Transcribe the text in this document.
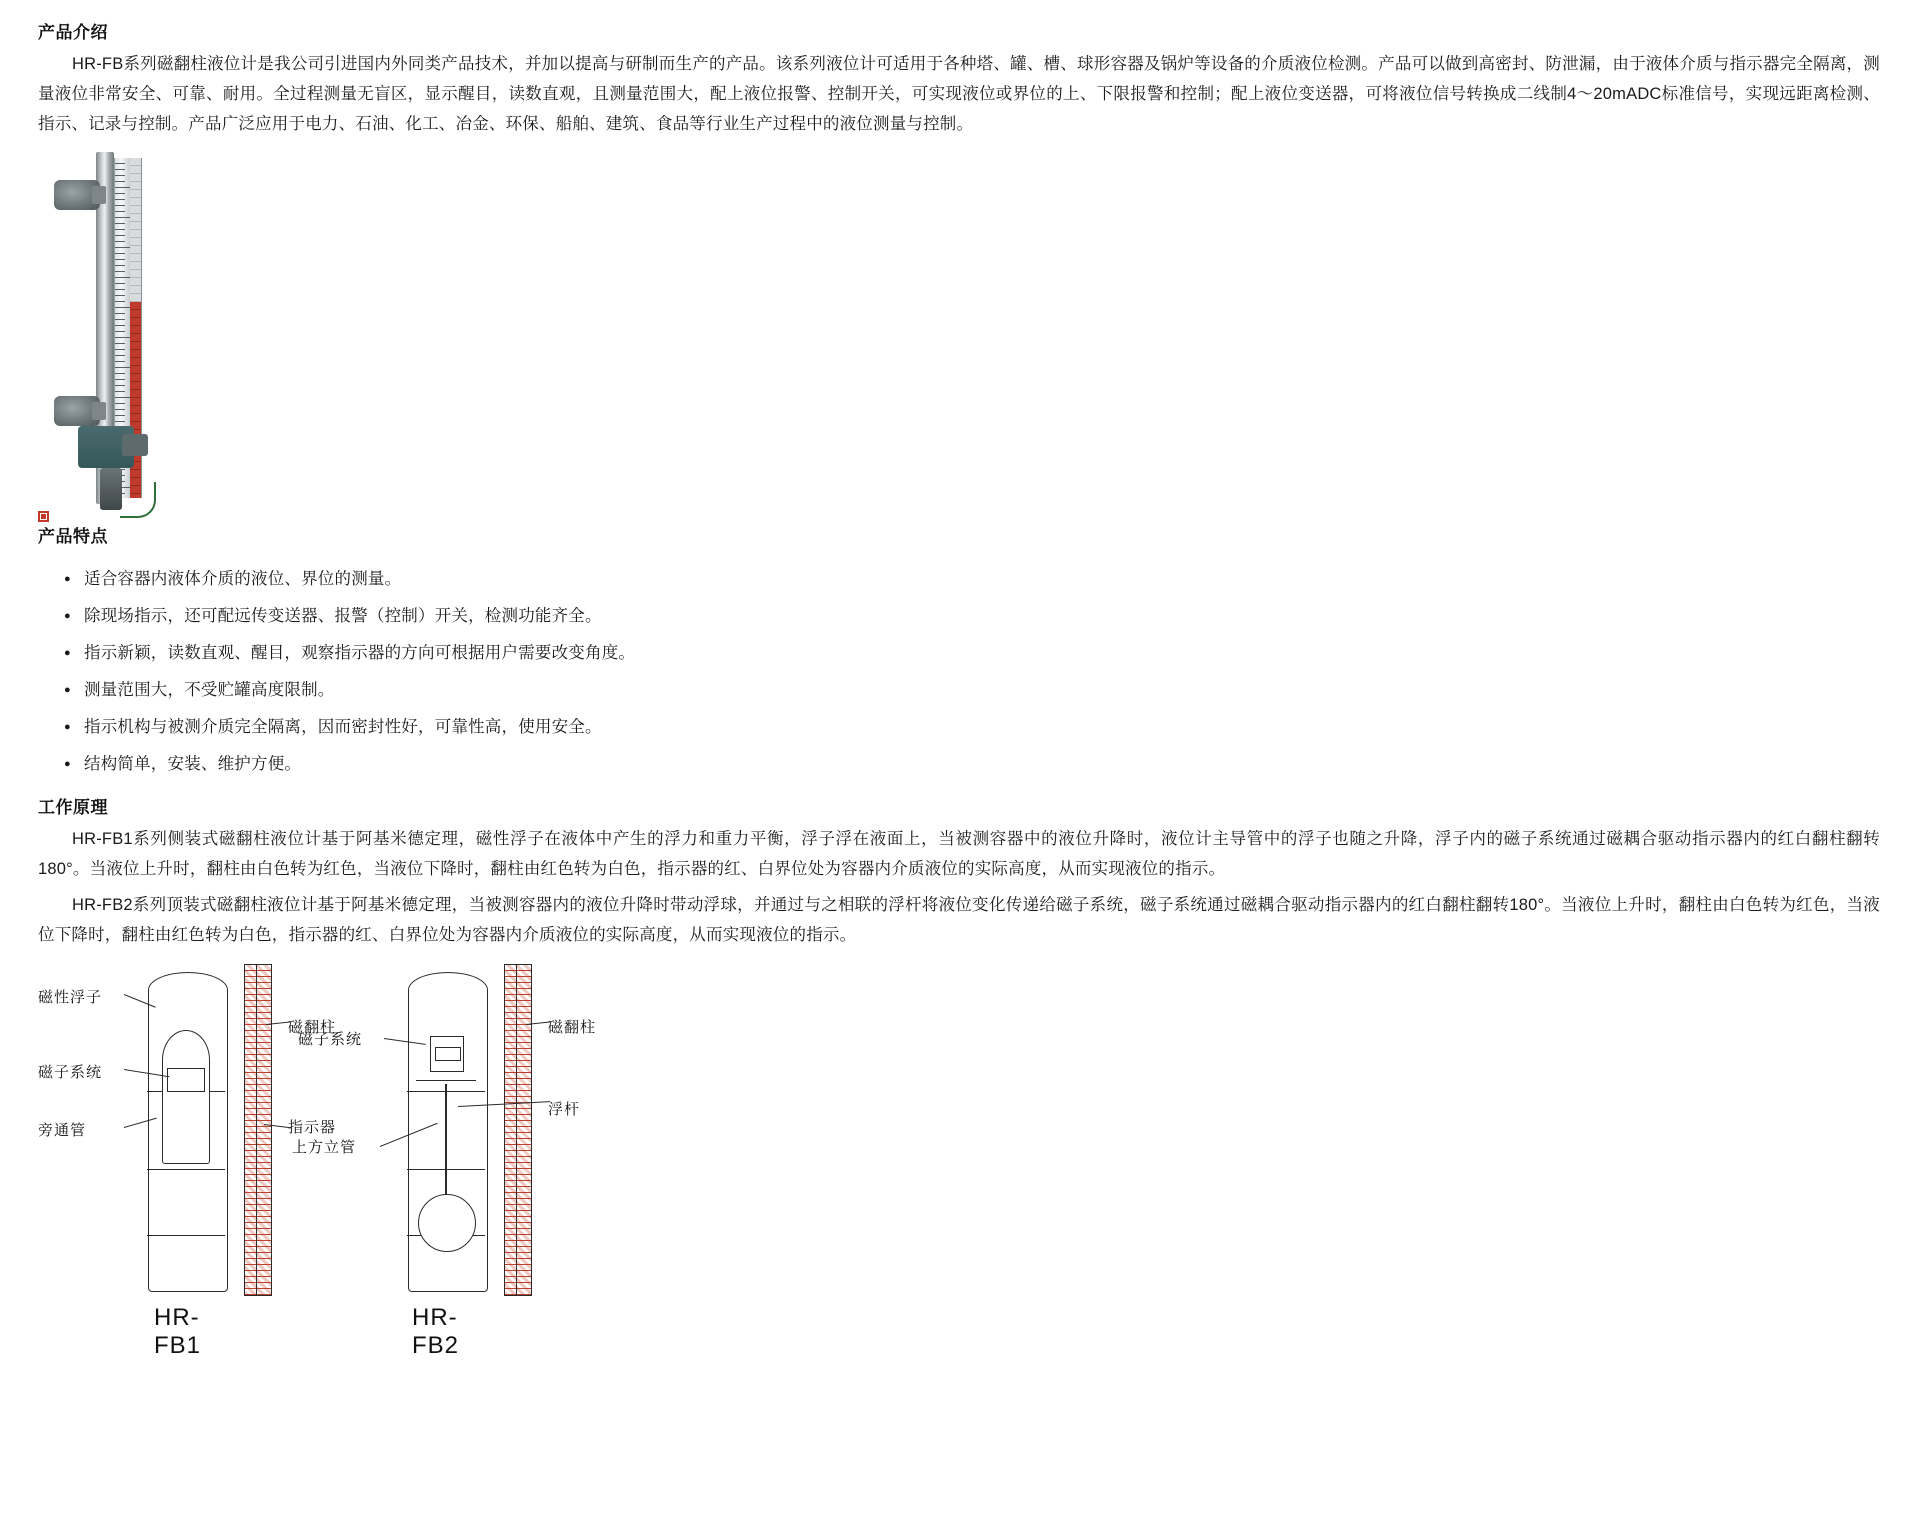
产品介绍

HR-FB系列磁翻柱液位计是我公司引进国内外同类产品技术，并加以提高与研制而生产的产品。该系列液位计可适用于各种塔、罐、槽、球形容器及锅炉等设备的介质液位检测。产品可以做到高密封、防泄漏，由于液体介质与指示器完全隔离，测量液位非常安全、可靠、耐用。全过程测量无盲区，显示醒目，读数直观，且测量范围大，配上液位报警、控制开关，可实现液位或界位的上、下限报警和控制；配上液位变送器，可将液位信号转换成二线制4～20mADC标准信号，实现远距离检测、指示、记录与控制。产品广泛应用于电力、石油、化工、冶金、环保、船舶、建筑、食品等行业生产过程中的液位测量与控制。

产品特点
● 适合容器内液体介质的液位、界位的测量。
● 除现场指示，还可配远传变送器、报警（控制）开关，检测功能齐全。
● 指示新颖，读数直观、醒目，观察指示器的方向可根据用户需要改变角度。
● 测量范围大，不受贮罐高度限制。
● 指示机构与被测介质完全隔离，因而密封性好，可靠性高，使用安全。
● 结构简单，安装、维护方便。
工作原理

HR-FB1系列侧装式磁翻柱液位计基于阿基米德定理，磁性浮子在液体中产生的浮力和重力平衡，浮子浮在液面上，当被测容器中的液位升降时，液位计主导管中的浮子也随之升降，浮子内的磁子系统通过磁耦合驱动指示器内的红白翻柱翻转180°。当液位上升时，翻柱由白色转为红色，当液位下降时，翻柱由红色转为白色，指示器的红、白界位处为容器内介质液位的实际高度，从而实现液位的指示。

HR-FB2系列顶装式磁翻柱液位计基于阿基米德定理，当被测容器内的液位升降时带动浮球，并通过与之相联的浮杆将液位变化传递给磁子系统，磁子系统通过磁耦合驱动指示器内的红白翻柱翻转180°。当液位上升时，翻柱由白色转为红色，当液位下降时，翻柱由红色转为白色，指示器的红、白界位处为容器内介质液位的实际高度，从而实现液位的指示。

磁性浮子
磁子系统
旁通管
磁翻柱
指示器
HR-FB1
磁子系统
上方立管
磁翻柱
浮杆
HR-FB2
